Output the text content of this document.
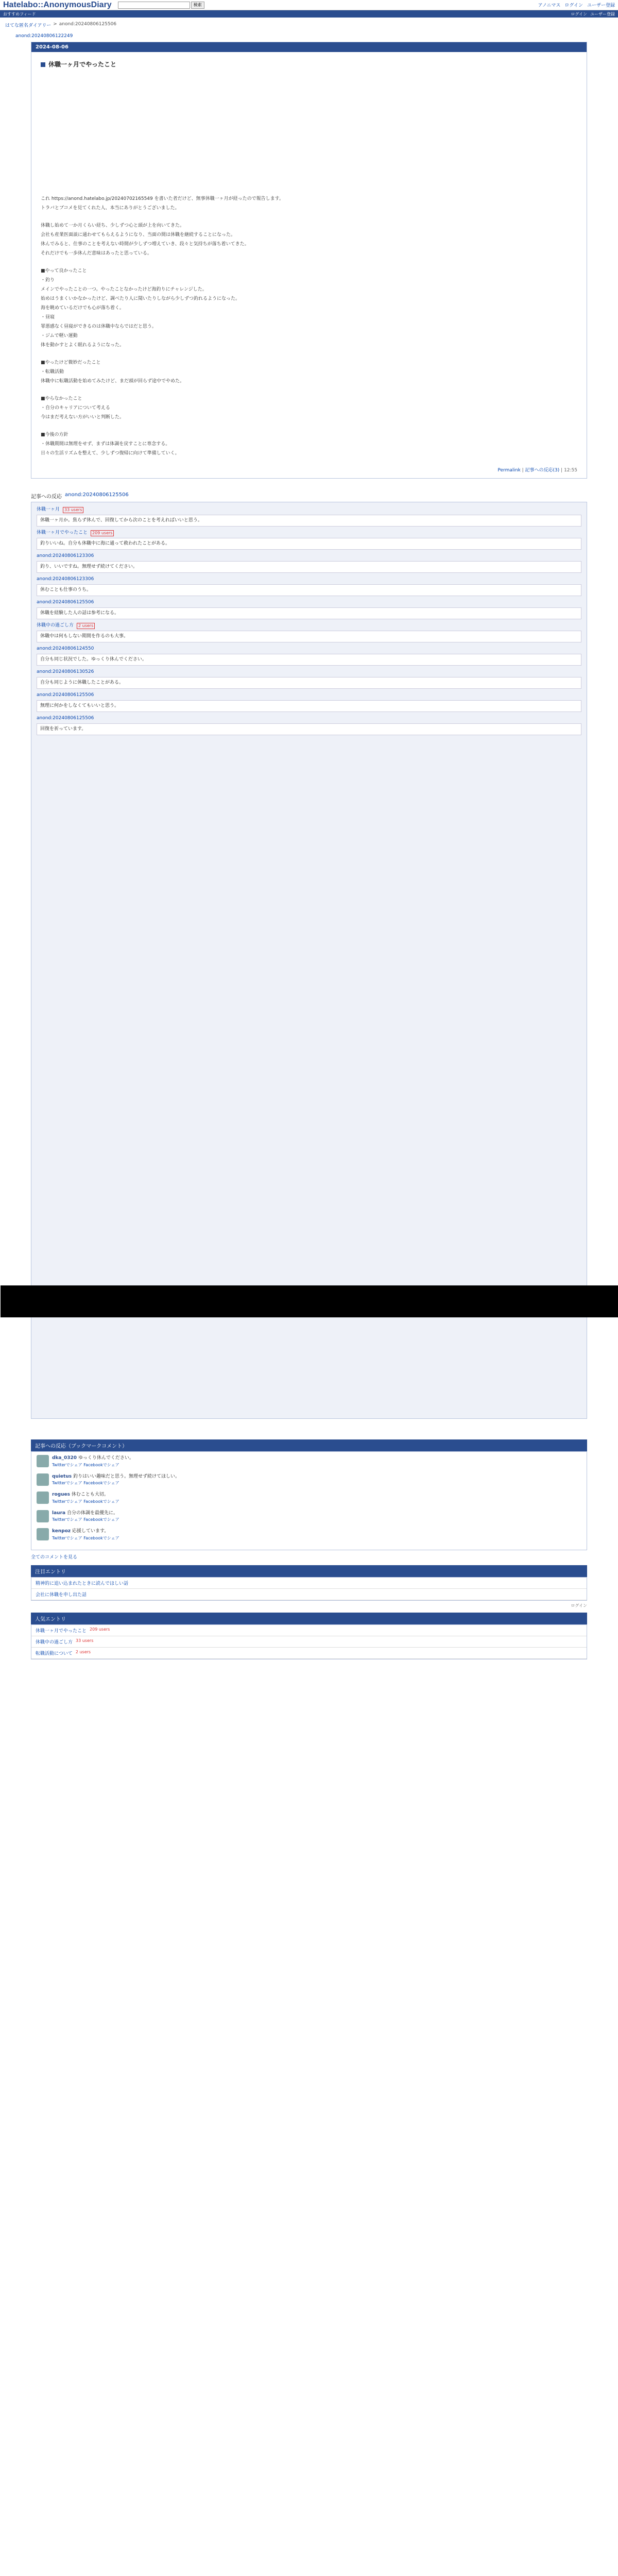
Hatelabo::AnonymousDiary	検索	アノニマス ログイン ユーザー登録
おすすめフィード	ログイン ユーザー登録
はてな匿名ダイアリー > anond:20240806125506
anond:20240806122249
2024-08-06
休職一ヶ月でやったこと
これ https://anond.hatelabo.jp/20240702165549 を書いた者だけど、無事休職一ヶ月が経ったので報告します。
トラバとブコメを見てくれた人、本当にありがとうございました。
休職し始めて一か月くらい経ち、少しずつ心と頭が上を向いてきた。
会社も産業医面談に通わせてもらえるようになり、当面の間は休職を継続することになった。
休んでみると、仕事のことを考えない時間が少しずつ増えていき、段々と気持ちが落ち着いてきた。
それだけでも一歩休んだ意味はあったと思っている。
■やって良かったこと
・釣り
メインでやったことの一つ。やったことなかったけど海釣りにチャレンジした。
始めはうまくいかなかったけど、調べたり人に聞いたりしながら少しずつ釣れるようになった。
海を眺めているだけでも心が落ち着く。
・昼寝
罪悪感なく昼寝ができるのは休職中ならではだと思う。
・ジムで軽い運動
体を動かすとよく眠れるようになった。
■やったけど微妙だったこと
・転職活動
休職中に転職活動を始めてみたけど、まだ頭が回らず途中でやめた。
■やらなかったこと
・自分のキャリアについて考える
今はまだ考えない方がいいと判断した。
■今後の方針
・休職期間は無理をせず、まずは体調を戻すことに専念する。
日々の生活リズムを整えて、少しずつ復帰に向けて準備していく。
Permalink | 記事への反応(3) | 12:55
記事への反応 anond:20240806125506
休職一ヶ月	33 users
休職一ヶ月か。焦らず休んで、回復してから次のことを考えればいいと思う。
休職一ヶ月でやったこと	209 users
釣りいいね。自分も休職中に海に通って救われたことがある。
anond:20240806123306
釣り、いいですね。無理せず続けてください。
anond:20240806123306
休むことも仕事のうち。
anond:20240806125506
休職を経験した人の話は参考になる。
休職中の過ごし方	2 users
休職中は何もしない期間を作るのも大事。
anond:20240806124550
自分も同じ状況でした。ゆっくり休んでください。
anond:20240806130526
自分も同じように休職したことがある。
anond:20240806125506
無理に何かをしなくてもいいと思う。
anond:20240806125506
回復を祈っています。
記事への反応（ブックマークコメント）
dka_0320 ゆっくり休んでください。
Twitterでシェア Facebookでシェア
quietus 釣りはいい趣味だと思う。無理せず続けてほしい。
Twitterでシェア Facebookでシェア
rogues 休むことも大切。
Twitterでシェア Facebookでシェア
laura 自分の体調を最優先に。
Twitterでシェア Facebookでシェア
kenpoz 応援しています。
Twitterでシェア Facebookでシェア
全てのコメントを見る
注目エントリ
精神的に追い込まれたときに読んでほしい話
会社に休職を申し出た話
ログイン
人気エントリ
休職一ヶ月でやったこと 209 users
休職中の過ごし方 33 users
転職活動について 2 users
